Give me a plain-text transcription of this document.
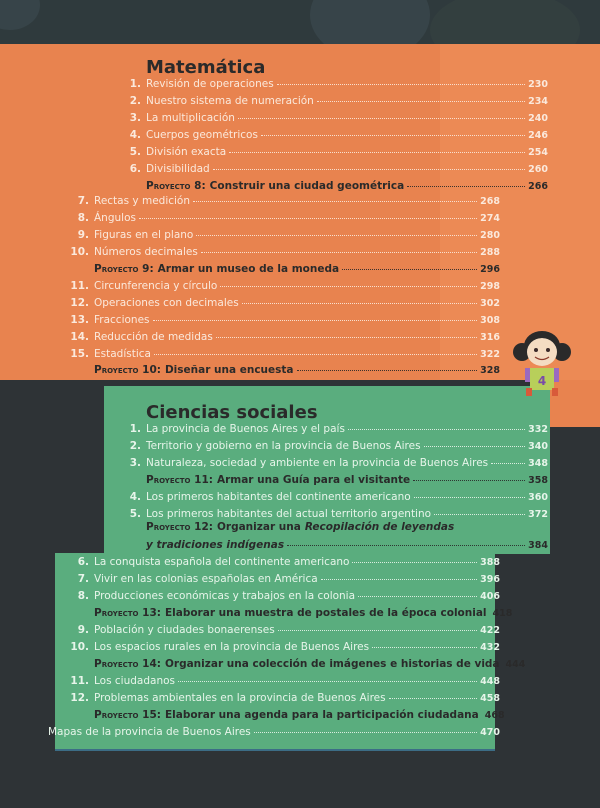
Matemática
1. Revisión de operaciones	230
2. Nuestro sistema de numeración	234
3. La multiplicación	240
4. Cuerpos geométricos	246
5. División exacta	254
6. Divisibilidad	260
Proyecto 8: Construir una ciudad geométrica	266
7. Rectas y medición	268
8. Ángulos	274
9. Figuras en el plano	280
10. Números decimales	288
Proyecto 9: Armar un museo de la moneda	296
11. Circunferencia y círculo	298
12. Operaciones con decimales	302
13. Fracciones	308
14. Reducción de medidas	316
15. Estadística	322
Proyecto 10: Diseñar una encuesta	328
Ciencias sociales
1. La provincia de Buenos Aires y el país	332
2. Territorio y gobierno en la provincia de Buenos Aires	340
3. Naturaleza, sociedad y ambiente en la provincia de Buenos Aires	348
Proyecto 11: Armar una Guía para el visitante	358
4. Los primeros habitantes del continente americano	360
5. Los primeros habitantes del actual territorio argentino	372
Proyecto 12: Organizar una Recopilación de leyendas
y tradiciones indígenas	384
6. La conquista española del continente americano	388
7. Vivir en las colonias españolas en América	396
8. Producciones económicas y trabajos en la colonia	406
Proyecto 13: Elaborar una muestra de postales de la época colonial 418
9. Población y ciudades bonaerenses	422
10. Los espacios rurales en la provincia de Buenos Aires	432
Proyecto 14: Organizar una colección de imágenes e historias de vida 444
11. Los ciudadanos	448
12. Problemas ambientales en la provincia de Buenos Aires	458
Proyecto 15: Elaborar una agenda para la participación ciudadana 468
Mapas de la provincia de Buenos Aires	470
4
